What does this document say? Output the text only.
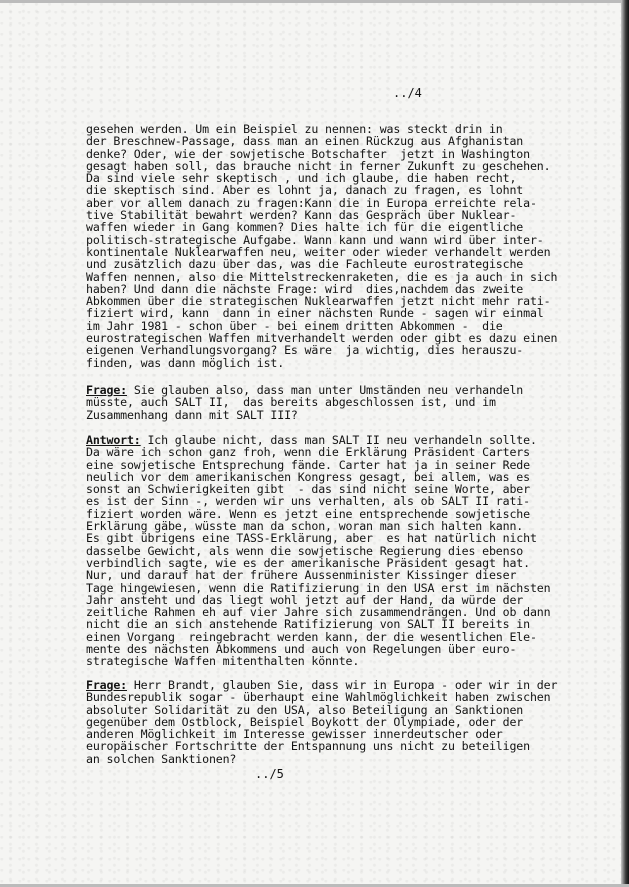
../4
gesehen werden. Um ein Beispiel zu nennen: was steckt drin in
der Breschnew-Passage, dass man an einen Rückzug aus Afghanistan
denke? Oder, wie der sowjetische Botschafter  jetzt in Washington
gesagt haben soll, das brauche nicht in ferner Zukunft zu geschehen.
Da sind viele sehr skeptisch , und ich glaube, die haben recht,
die skeptisch sind. Aber es lohnt ja, danach zu fragen, es lohnt
aber vor allem danach zu fragen:Kann die in Europa erreichte rela-
tive Stabilität bewahrt werden? Kann das Gespräch über Nuklear-
waffen wieder in Gang kommen? Dies halte ich für die eigentliche
politisch-strategische Aufgabe. Wann kann und wann wird über inter-
kontinentale Nuklearwaffen neu, weiter oder wieder verhandelt werden
und zusätzlich dazu über das, was die Fachleute eurostrategische
Waffen nennen, also die Mittelstreckenraketen, die es ja auch in sich
haben? Und dann die nächste Frage: wird  dies,nachdem das zweite
Abkommen über die strategischen Nuklearwaffen jetzt nicht mehr rati-
fiziert wird, kann  dann in einer nächsten Runde - sagen wir einmal
im Jahr 1981 - schon über - bei einem dritten Abkommen -  die
eurostrategischen Waffen mitverhandelt werden oder gibt es dazu einen
eigenen Verhandlungsvorgang? Es wäre  ja wichtig, dies herauszu-
finden, was dann möglich ist.
Frage: Sie glauben also, dass man unter Umständen neu verhandeln
müsste, auch SALT II,  das bereits abgeschlossen ist, und im
Zusammenhang dann mit SALT III?
Antwort: Ich glaube nicht, dass man SALT II neu verhandeln sollte.
Da wäre ich schon ganz froh, wenn die Erklärung Präsident Carters
eine sowjetische Entsprechung fände. Carter hat ja in seiner Rede
neulich vor dem amerikanischen Kongress gesagt, bei allem, was es
sonst an Schwierigkeiten gibt  - das sind nicht seine Worte, aber
es ist der Sinn -, werden wir uns verhalten, als ob SALT II rati-
fiziert worden wäre. Wenn es jetzt eine entsprechende sowjetische
Erklärung gäbe, wüsste man da schon, woran man sich halten kann.
Es gibt übrigens eine TASS-Erklärung, aber  es hat natürlich nicht
dasselbe Gewicht, als wenn die sowjetische Regierung dies ebenso
verbindlich sagte, wie es der amerikanische Präsident gesagt hat.
Nur, und darauf hat der frühere Aussenminister Kissinger dieser
Tage hingewiesen, wenn die Ratifizierung in den USA erst im nächsten
Jahr ansteht und das liegt wohl jetzt auf der Hand, da würde der
zeitliche Rahmen eh auf vier Jahre sich zusammendrängen. Und ob dann
nicht die an sich anstehende Ratifizierung von SALT II bereits in
einen Vorgang  reingebracht werden kann, der die wesentlichen Ele-
mente des nächsten Abkommens und auch von Regelungen über euro-
strategische Waffen mitenthalten könnte.
Frage: Herr Brandt, glauben Sie, dass wir in Europa - oder wir in der
Bundesrepublik sogar - überhaupt eine Wahlmöglichkeit haben zwischen
absoluter Solidarität zu den USA, also Beteiligung an Sanktionen
gegenüber dem Ostblock, Beispiel Boykott der Olympiade, oder der
anderen Möglichkeit im Interesse gewisser innerdeutscher oder
europäischer Fortschritte der Entspannung uns nicht zu beteiligen
an solchen Sanktionen?
../5
